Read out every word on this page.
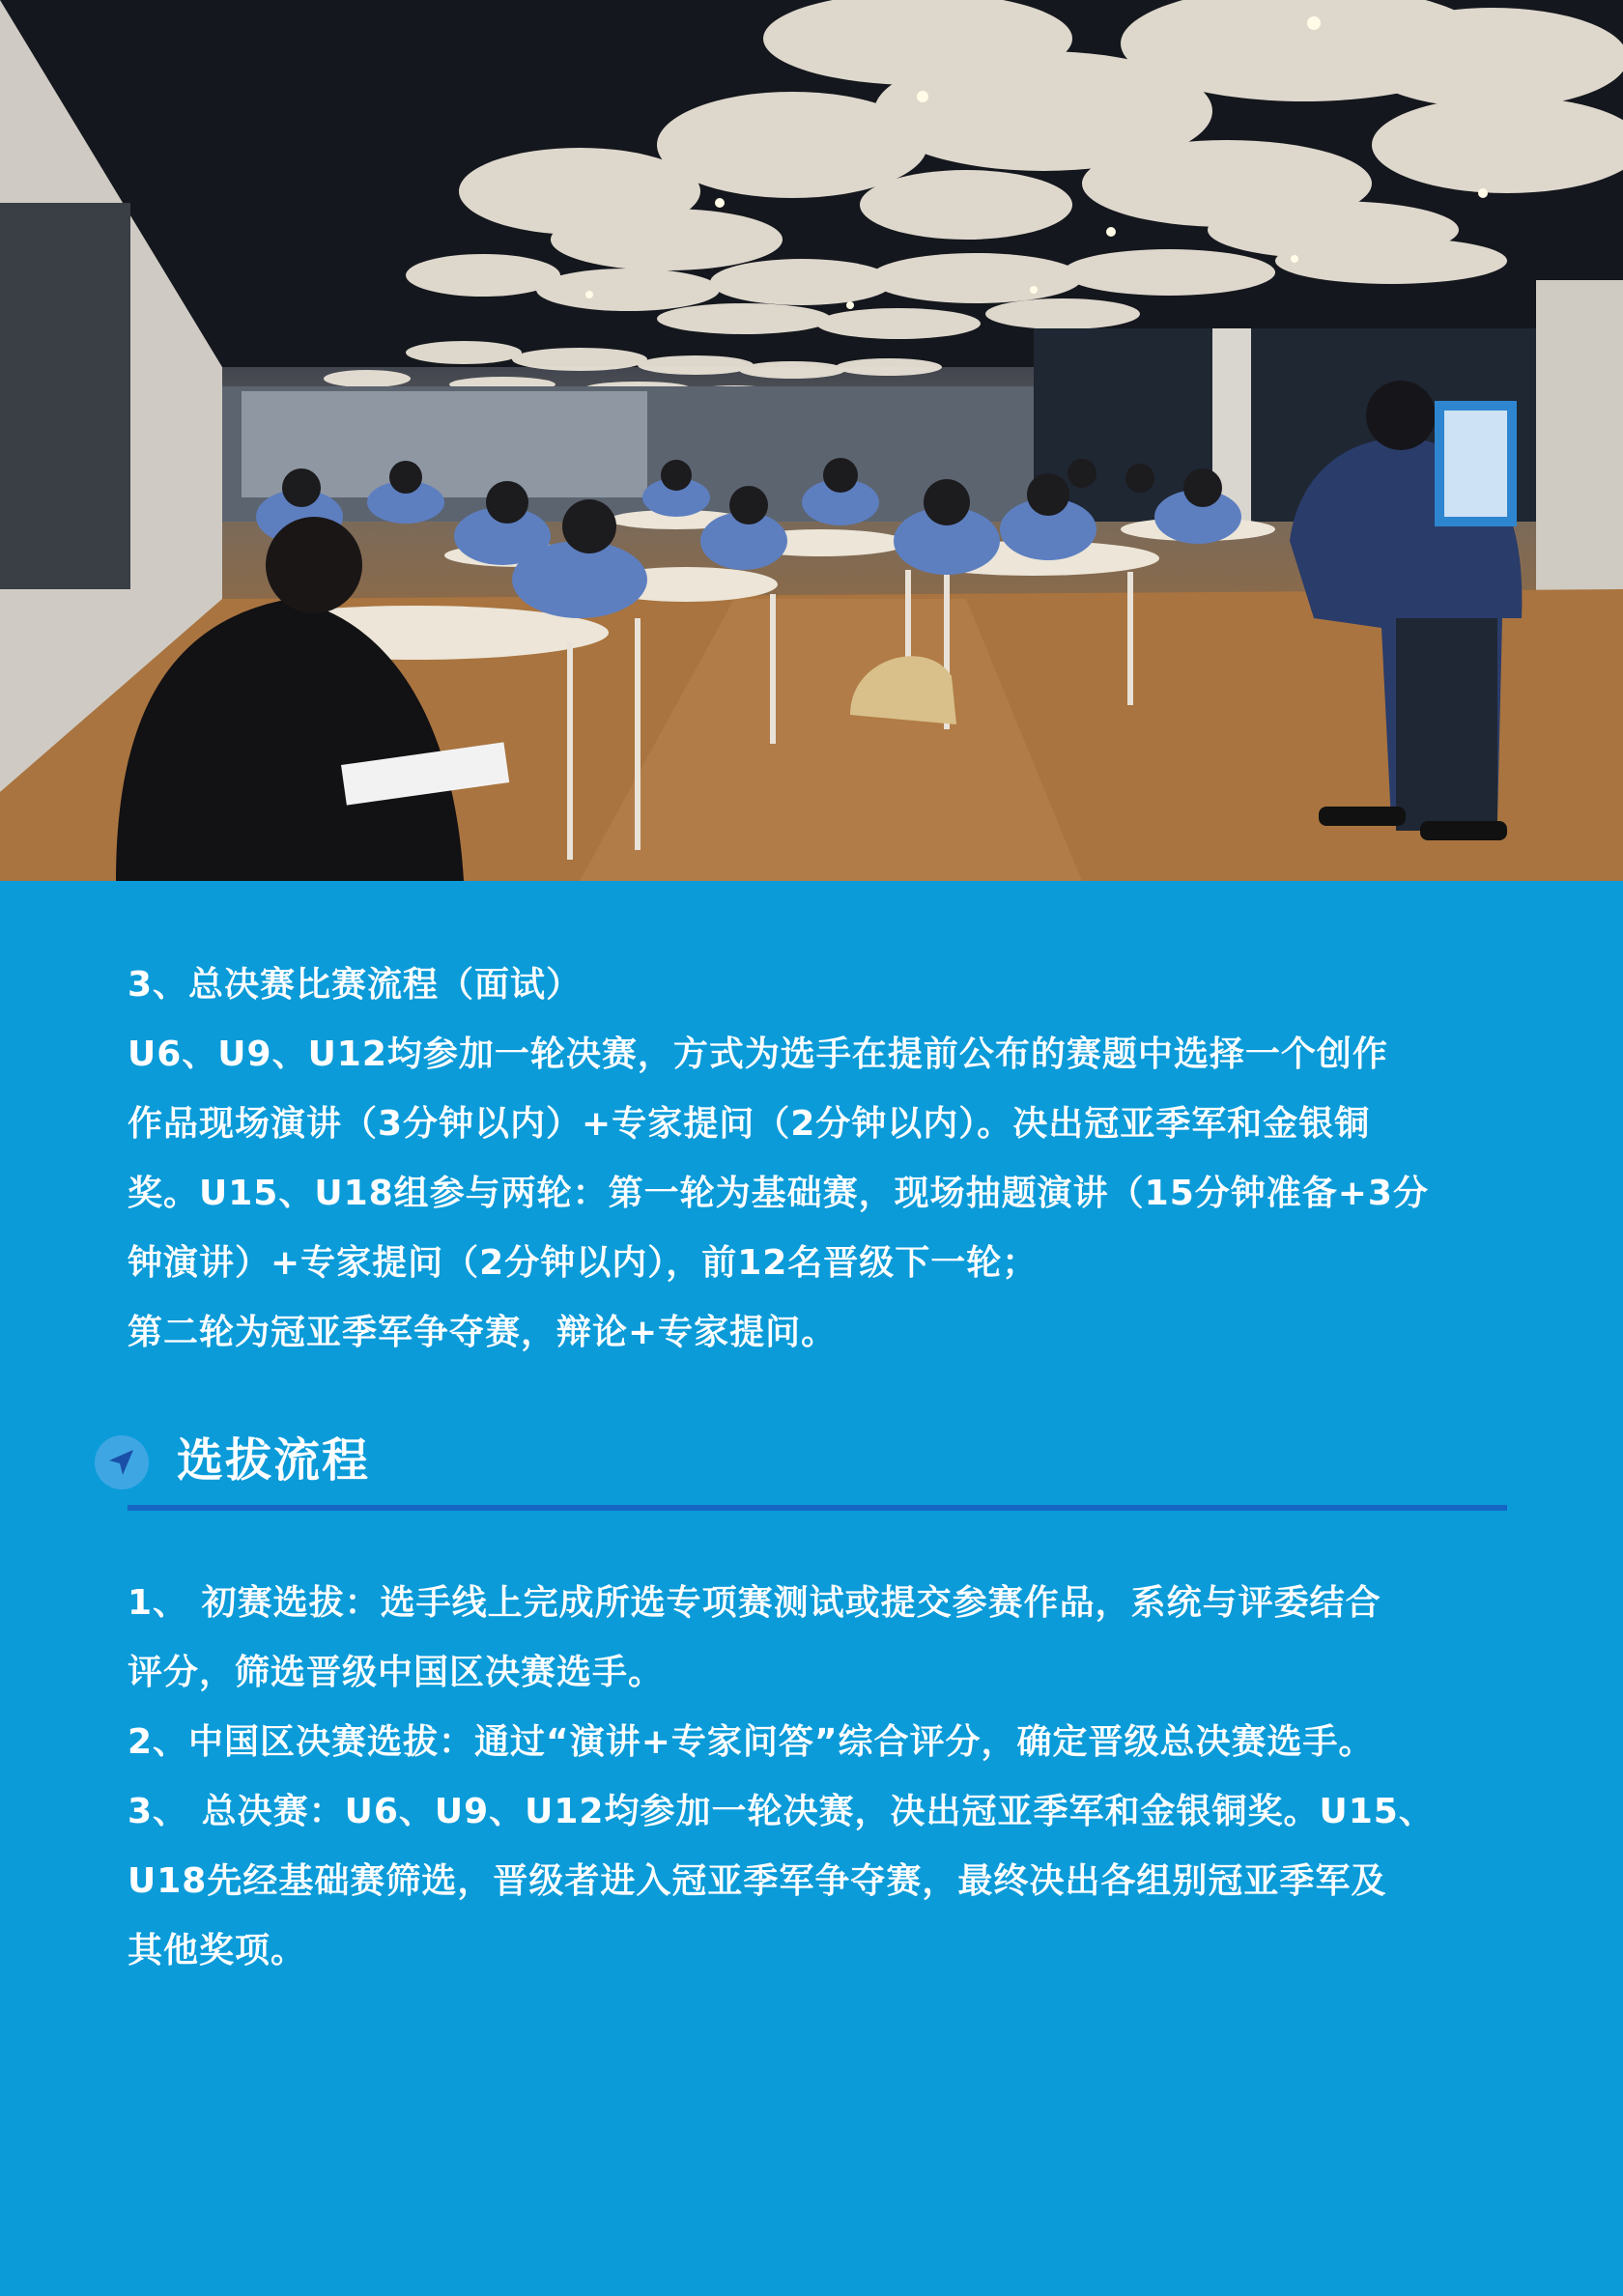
3、总决赛比赛流程（面试）
U6、U9、U12均参加一轮决赛，方式为选手在提前公布的赛题中选择一个创作
作品现场演讲（3分钟以内）+专家提问（2分钟以内）。决出冠亚季军和金银铜
奖。U15、U18组参与两轮：第一轮为基础赛，现场抽题演讲（15分钟准备+3分
钟演讲）+专家提问（2分钟以内），前12名晋级下一轮；
第二轮为冠亚季军争夺赛，辩论+专家提问。
选拔流程
1、 初赛选拔：选手线上完成所选专项赛测试或提交参赛作品，系统与评委结合
评分，筛选晋级中国区决赛选手。
2、中国区决赛选拔：通过“演讲+专家问答”综合评分，确定晋级总决赛选手。
3、 总决赛：U6、U9、U12均参加一轮决赛，决出冠亚季军和金银铜奖。U15、
U18先经基础赛筛选，晋级者进入冠亚季军争夺赛，最终决出各组别冠亚季军及
其他奖项。
